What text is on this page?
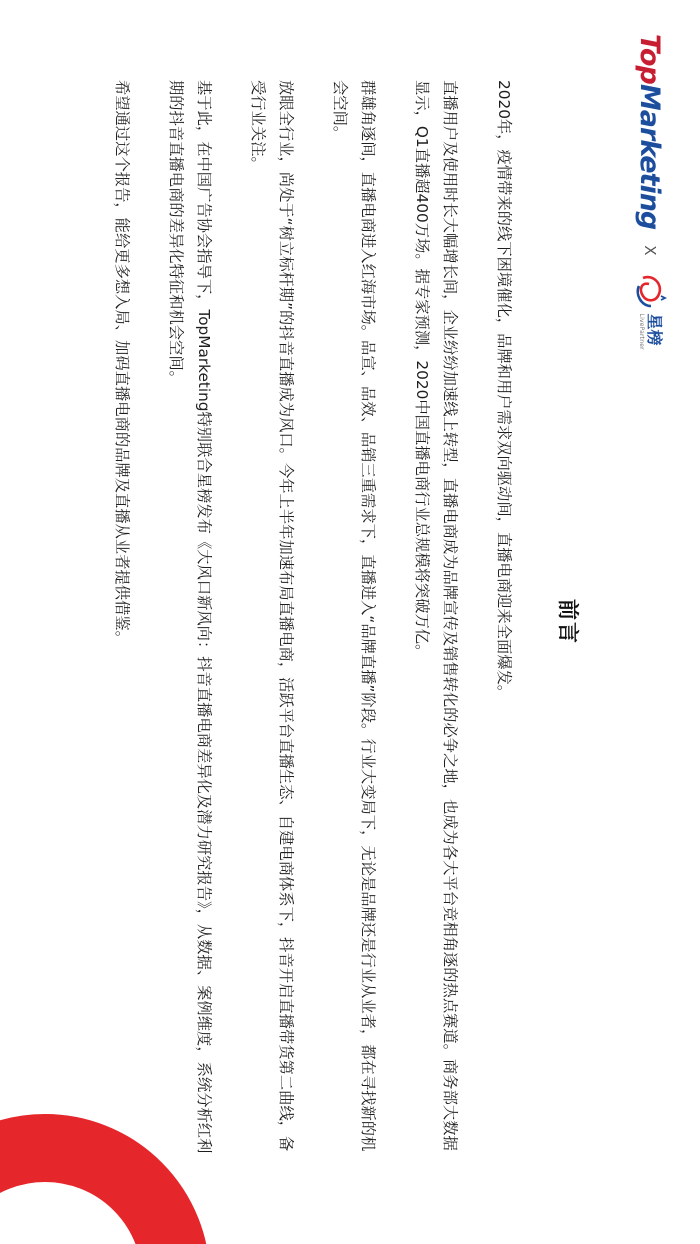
TopMarketing
X
星榜
LivePartner
前言

2020年，疫情带来的线下困境催化，品牌和用户需求双向驱动间，直播电商迎来全面爆发。

直播用户及使用时长大幅增长间，企业纷纷加速线上转型，直播电商成为品牌宣传及销售转化的必争之地，也成为各大平台竞相角逐的热点赛道。商务部大数据显示，Q1直播超400万场。据专家预测，2020中国直播电商行业总规模将突破万亿。

群雄角逐间，直播电商进入红海市场。品宣、品效、品销三重需求下，直播进入“品牌直播”阶段。行业大变局下，无论是品牌还是行业从业者，都在寻找新的机会空间。

放眼全行业，尚处于“树立标杆期”的抖音直播成为风口。今年上半年加速布局直播电商，活跃平台直播生态、自建电商体系下，抖音开启直播带货第二曲线，备受行业关注。

基于此，在中国广告协会指导下，TopMarketing特别联合星榜发布《大风口新风向：抖音直播电商差异化及潜力研究报告》，从数据、案例维度，系统分析红利期的抖音直播电商的差异化特征和机会空间。

希望通过这个报告，能给更多想入局、加码直播电商的品牌及直播从业者提供借鉴。
